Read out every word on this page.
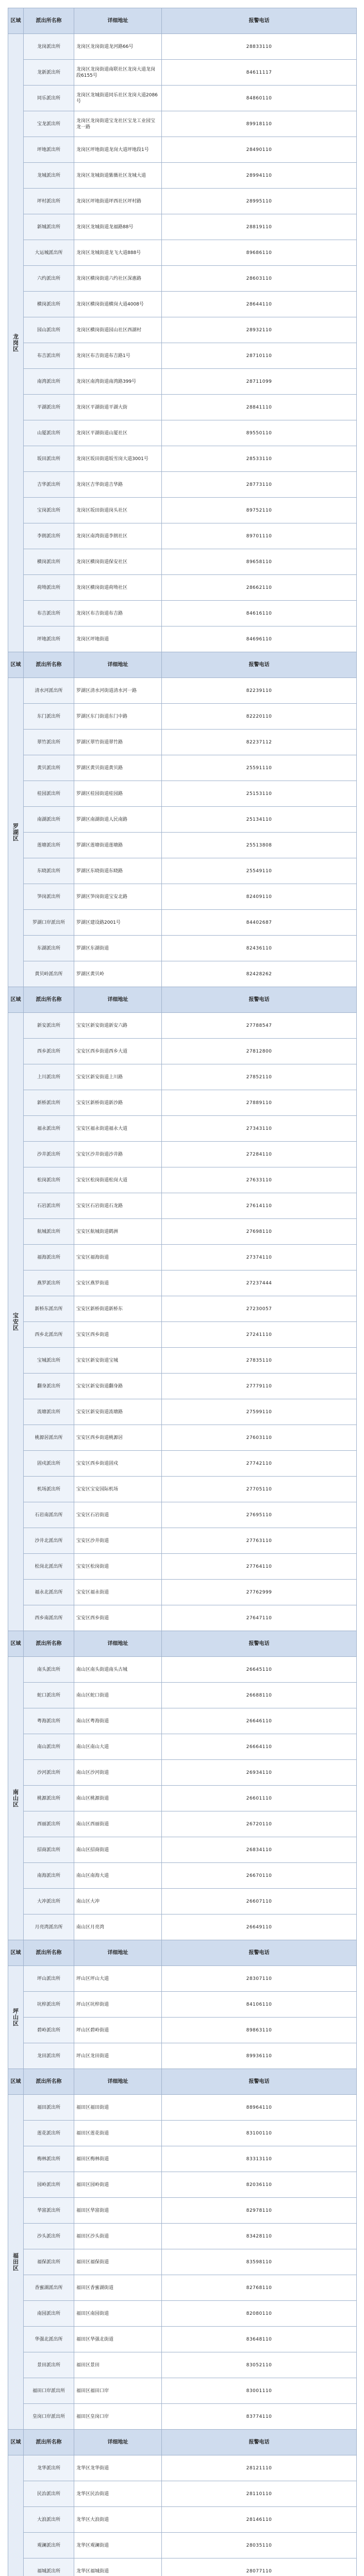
区域	派出所名称	详细地址	报警电话
龙岗区	龙岗派出所	龙岗区龙岗街道龙河路66号	28833110
	龙新派出所	龙岗区龙岗街道南联社区龙岗大道龙岗段6155号	84611117
	同乐派出所	龙岗区龙城街道同乐社区龙岗大道2086号	84860110
	宝龙派出所	龙岗区龙岗街道宝龙社区宝龙工业园宝龙一路	89918110
	坪地派出所	龙岗区坪地街道龙岗大道坪地段1号	28490110
	龙城派出所	龙岗区龙城街道紫薇社区龙城大道	28994110
	坪村派出所	龙岗区坪地街道坪西社区坪村路	28995110
	新城派出所	龙岗区龙城街道龙福路88号	28819110
	大运城派出所	龙岗区龙城街道龙飞大道888号	89686110
	六约派出所	龙岗区横岗街道六约社区深惠路	28603110
	横岗派出所	龙岗区横岗街道横岗大道4008号	28644110
	园山派出所	龙岗区横岗街道园山社区西湖村	28932110
	布吉派出所	龙岗区布吉街道布吉路1号	28710110
	南湾派出所	龙岗区南湾街道南湾路399号	28711099
	平湖派出所	龙岗区平湖街道平湖大街	28841110
	山厦派出所	龙岗区平湖街道山厦社区	89550110
	坂田派出所	龙岗区坂田街道坂雪岗大道3001号	28533110
	吉华派出所	龙岗区吉华街道吉华路	28773110
	宝岗派出所	龙岗区坂田街道岗头社区	89752110
	李朗派出所	龙岗区南湾街道李朗社区	89701110
	横岗派出所	龙岗区横岗街道保安社区	89658110
	荷坳派出所	龙岗区横岗街道荷坳社区	28662110
	布吉派出所	龙岗区布吉街道布吉路	84616110
	坪地派出所	龙岗区坪地街道	84696110
区域	派出所名称	详细地址	报警电话
罗湖区	清水河派出所	罗湖区清水河街道清水河一路	82239110
	东门派出所	罗湖区东门街道东门中路	82220110
	翠竹派出所	罗湖区翠竹街道翠竹路	82237112
	黄贝派出所	罗湖区黄贝街道黄贝路	25591110
	桂园派出所	罗湖区桂园街道桂园路	25153110
	南湖派出所	罗湖区南湖街道人民南路	25134110
	莲塘派出所	罗湖区莲塘街道莲塘路	25513808
	东晓派出所	罗湖区东晓街道东晓路	25549110
	笋岗派出所	罗湖区笋岗街道宝安北路	82409110
	罗湖口岸派出所	罗湖区建设路2001号	84402687
	东湖派出所	罗湖区东湖街道	82436110
	黄贝岭派出所	罗湖区黄贝岭	82428262
区域	派出所名称	详细地址	报警电话
宝安区	新安派出所	宝安区新安街道新安六路	27788547
	西乡派出所	宝安区西乡街道西乡大道	27812800
	上川派出所	宝安区新安街道上川路	27852110
	新桥派出所	宝安区新桥街道新沙路	27889110
	福永派出所	宝安区福永街道福永大道	27343110
	沙井派出所	宝安区沙井街道沙井路	27284110
	松岗派出所	宝安区松岗街道松岗大道	27633110
	石岩派出所	宝安区石岩街道石龙路	27614110
	航城派出所	宝安区航城街道鹤洲	27698110
	福海派出所	宝安区福海街道	27374110
	燕罗派出所	宝安区燕罗街道	27237444
	新桥东派出所	宝安区新桥街道新桥东	27230057
	西乡北派出所	宝安区西乡街道	27241110
	宝城派出所	宝安区新安街道宝城	27835110
	翻身派出所	宝安区新安街道翻身路	27779110
	流塘派出所	宝安区新安街道流塘路	27599110
	桃源居派出所	宝安区西乡街道桃源居	27603110
	固戍派出所	宝安区西乡街道固戍	27742110
	机场派出所	宝安区宝安国际机场	27705110
	石岩南派出所	宝安区石岩街道	27695110
	沙井北派出所	宝安区沙井街道	27763110
	松岗北派出所	宝安区松岗街道	27764110
	福永北派出所	宝安区福永街道	27762999
	西乡南派出所	宝安区西乡街道	27647110
区域	派出所名称	详细地址	报警电话
南山区	南头派出所	南山区南头街道南头古城	26645110
	蛇口派出所	南山区蛇口街道	26688110
	粤海派出所	南山区粤海街道	26646110
	南山派出所	南山区南山大道	26664110
	沙河派出所	南山区沙河街道	26934110
	桃源派出所	南山区桃源街道	26601110
	西丽派出所	南山区西丽街道	26720110
	招商派出所	南山区招商街道	26834110
	南海派出所	南山区南海大道	26670110
	大冲派出所	南山区大冲	26607110
	月亮湾派出所	南山区月亮湾	26649110
区域	派出所名称	详细地址	报警电话
坪山区	坪山派出所	坪山区坪山大道	28307110
	坑梓派出所	坪山区坑梓街道	84106110
	碧岭派出所	坪山区碧岭街道	89863110
	龙田派出所	坪山区龙田街道	89936110
区域	派出所名称	详细地址	报警电话
福田区	福田派出所	福田区福田街道	88964110
	莲花派出所	福田区莲花街道	83100110
	梅林派出所	福田区梅林街道	83313110
	园岭派出所	福田区园岭街道	82036110
	华富派出所	福田区华富街道	82978110
	沙头派出所	福田区沙头街道	83428110
	福保派出所	福田区福保街道	83598110
	香蜜湖派出所	福田区香蜜湖街道	82768110
	南园派出所	福田区南园街道	82080110
	华强北派出所	福田区华强北街道	83648110
	景田派出所	福田区景田	83052110
	福田口岸派出所	福田区福田口岸	83001110
	皇岗口岸派出所	福田区皇岗口岸	83774110
区域	派出所名称	详细地址	报警电话
	龙华派出所	龙华区龙华街道	28121110
	民治派出所	龙华区民治街道	28110110
	大浪派出所	龙华区大浪街道	28146110
	观澜派出所	龙华区观澜街道	28035110
	福城派出所	龙华区福城街道	28077110
